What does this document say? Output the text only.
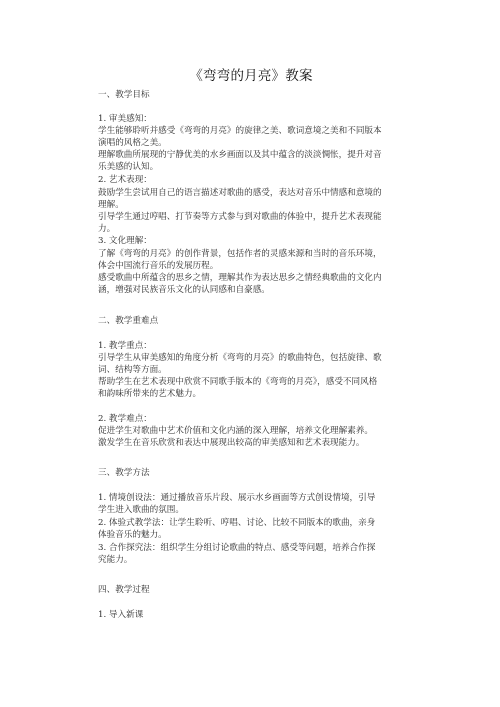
《弯弯的月亮》教案
一、教学目标
1. 审美感知：
学生能够聆听并感受《弯弯的月亮》的旋律之美、歌词意境之美和不同版本
演唱的风格之美。
理解歌曲所展现的宁静优美的水乡画面以及其中蕴含的淡淡惆怅，提升对音
乐美感的认知。
2. 艺术表现：
鼓励学生尝试用自己的语言描述对歌曲的感受，表达对音乐中情感和意境的
理解。
引导学生通过哼唱、打节奏等方式参与到对歌曲的体验中，提升艺术表现能
力。
3. 文化理解：
了解《弯弯的月亮》的创作背景，包括作者的灵感来源和当时的音乐环境，
体会中国流行音乐的发展历程。
感受歌曲中所蕴含的思乡之情，理解其作为表达思乡之情经典歌曲的文化内
涵，增强对民族音乐文化的认同感和自豪感。
二、教学重难点
1. 教学重点：
引导学生从审美感知的角度分析《弯弯的月亮》的歌曲特色，包括旋律、歌
词、结构等方面。
帮助学生在艺术表现中欣赏不同歌手版本的《弯弯的月亮》，感受不同风格
和韵味所带来的艺术魅力。
2. 教学难点：
促进学生对歌曲中艺术价值和文化内涵的深入理解，培养文化理解素养。
激发学生在音乐欣赏和表达中展现出较高的审美感知和艺术表现能力。
三、教学方法
1. 情境创设法：通过播放音乐片段、展示水乡画面等方式创设情境，引导
学生进入歌曲的氛围。
2. 体验式教学法：让学生聆听、哼唱、讨论、比较不同版本的歌曲，亲身
体验音乐的魅力。
3. 合作探究法：组织学生分组讨论歌曲的特点、感受等问题，培养合作探
究能力。
四、教学过程
1. 导入新课
